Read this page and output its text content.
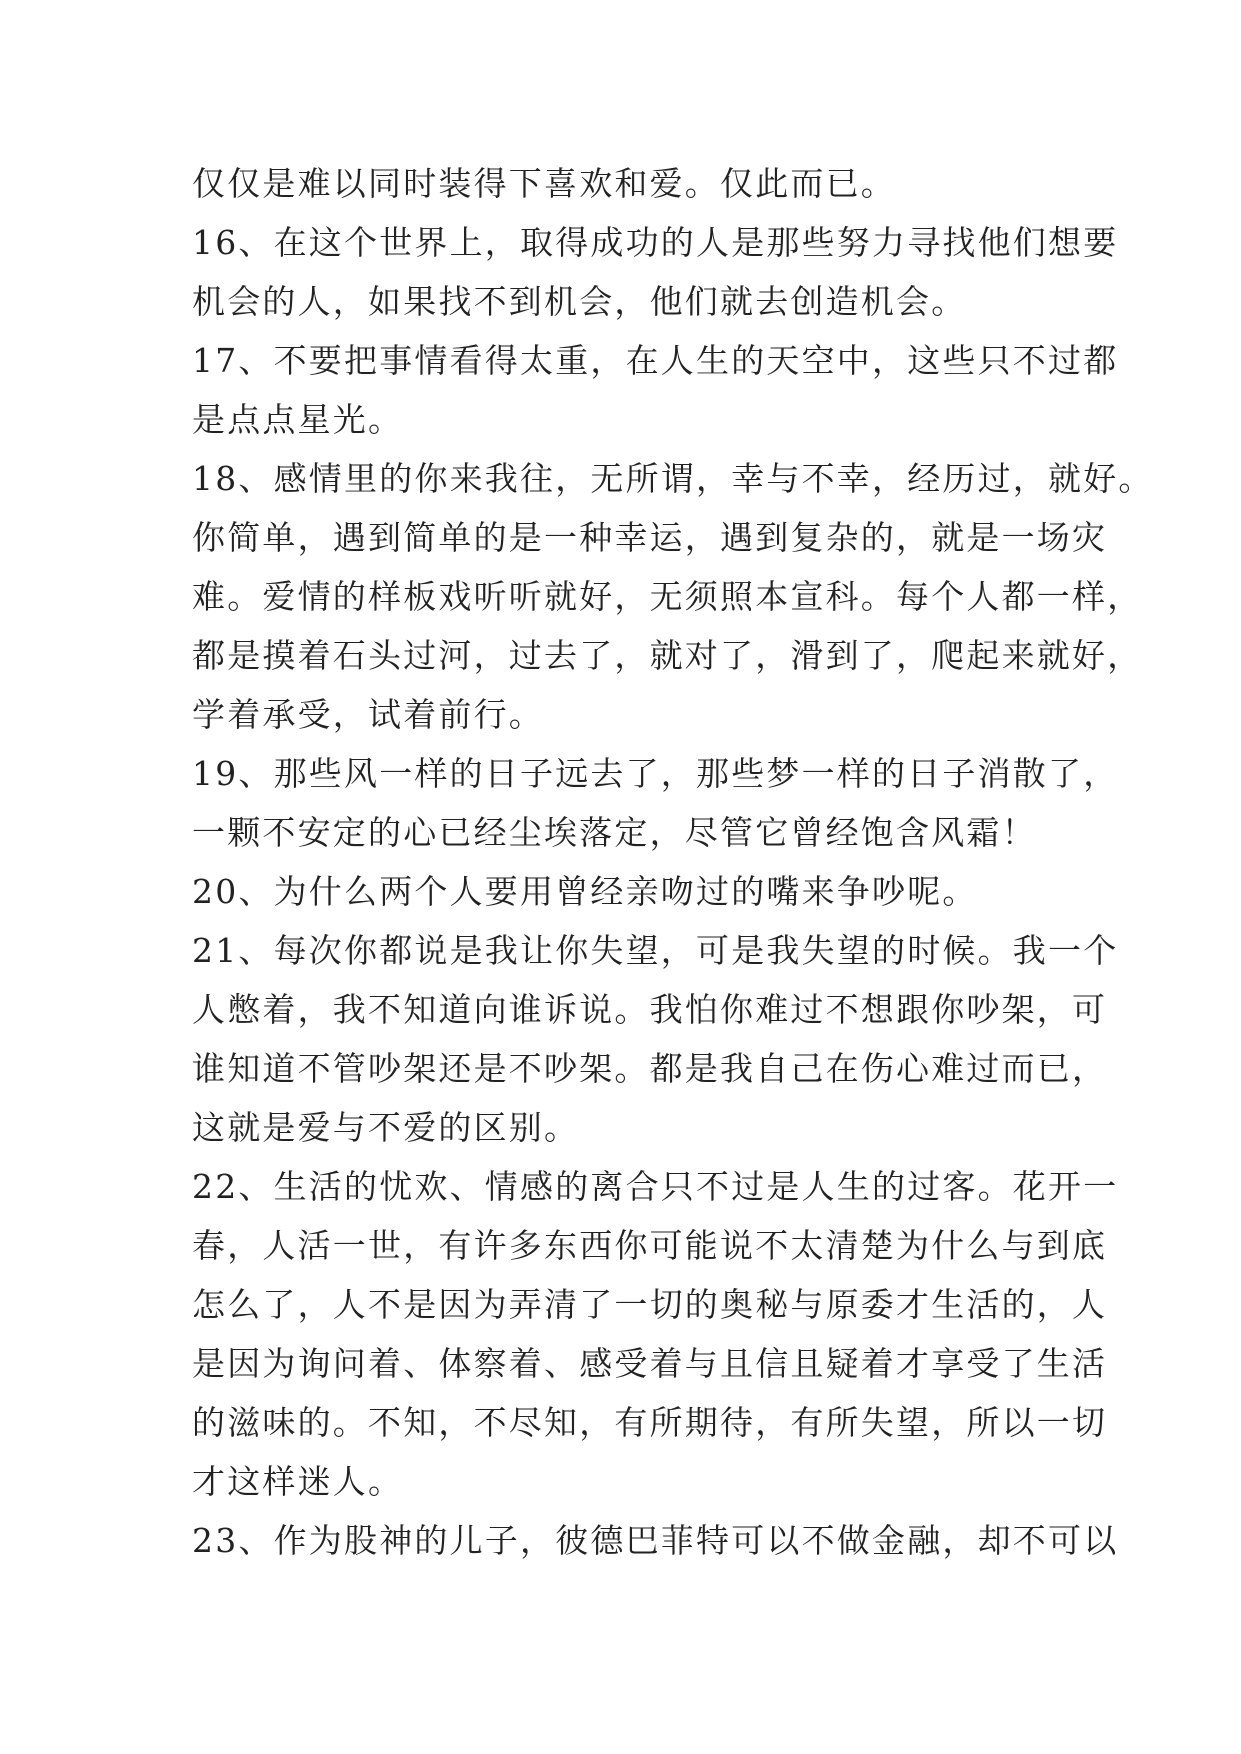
仅仅是难以同时装得下喜欢和爱。仅此而已。
16、在这个世界上，取得成功的人是那些努力寻找他们想要
机会的人，如果找不到机会，他们就去创造机会。
17、不要把事情看得太重，在人生的天空中，这些只不过都
是点点星光。
18、感情里的你来我往，无所谓，幸与不幸，经历过，就好。
你简单，遇到简单的是一种幸运，遇到复杂的，就是一场灾
难。爱情的样板戏听听就好，无须照本宣科。每个人都一样，
都是摸着石头过河，过去了，就对了，滑到了，爬起来就好，
学着承受，试着前行。
19、那些风一样的日子远去了，那些梦一样的日子消散了，
一颗不安定的心已经尘埃落定，尽管它曾经饱含风霜！
20、为什么两个人要用曾经亲吻过的嘴来争吵呢。
21、每次你都说是我让你失望，可是我失望的时候。我一个
人憋着，我不知道向谁诉说。我怕你难过不想跟你吵架，可
谁知道不管吵架还是不吵架。都是我自己在伤心难过而已，
这就是爱与不爱的区别。
22、生活的忧欢、情感的离合只不过是人生的过客。花开一
春，人活一世，有许多东西你可能说不太清楚为什么与到底
怎么了，人不是因为弄清了一切的奥秘与原委才生活的，人
是因为询问着、体察着、感受着与且信且疑着才享受了生活
的滋味的。不知，不尽知，有所期待，有所失望，所以一切
才这样迷人。
23、作为股神的儿子，彼德巴菲特可以不做金融，却不可以
